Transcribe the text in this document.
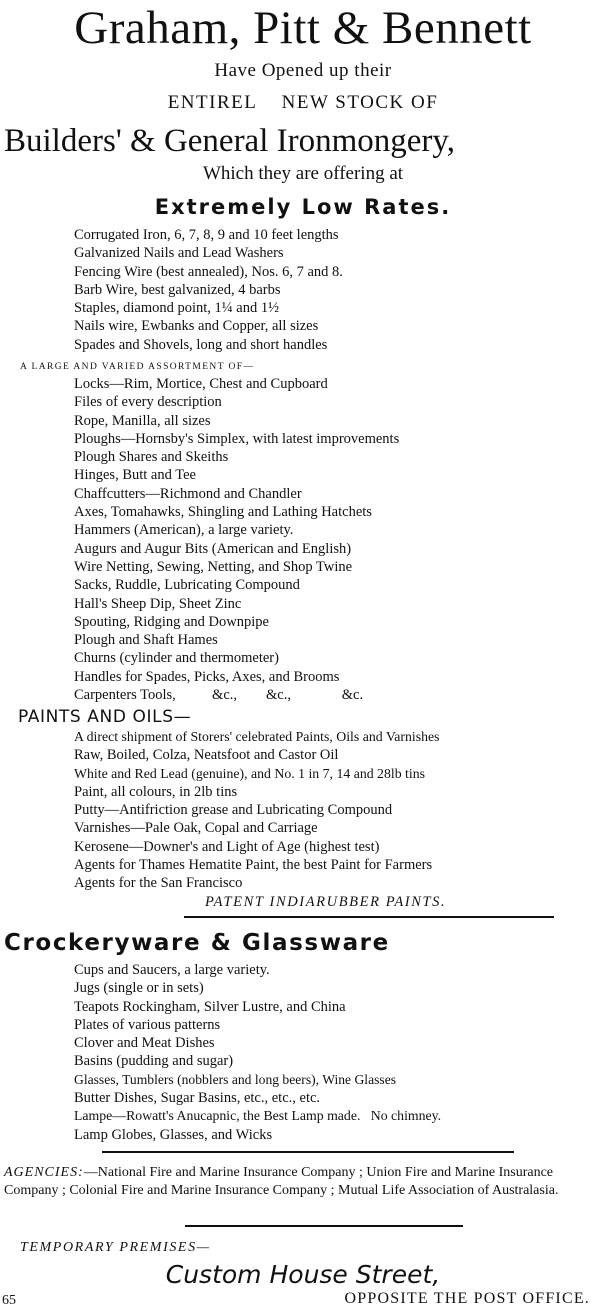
Graham, Pitt & Bennett
Have Opened up their
ENTIREL    NEW STOCK OF
Builders' & General Ironmongery,
Which they are offering at
Extremely Low Rates.
Corrugated Iron, 6, 7, 8, 9 and 10 feet lengths
Galvanized Nails and Lead Washers
Fencing Wire (best annealed), Nos. 6, 7 and 8.
Barb Wire, best galvanized, 4 barbs
Staples, diamond point, 1¼ and 1½
Nails wire, Ewbanks and Copper, all sizes
Spades and Shovels, long and short handles
A LARGE AND VARIED ASSORTMENT OF—
Locks—Rim, Mortice, Chest and Cupboard
Files of every description
Rope, Manilla, all sizes
Ploughs—Hornsby's Simplex, with latest improvements
Plough Shares and Skeiths
Hinges, Butt and Tee
Chaffcutters—Richmond and Chandler
Axes, Tomahawks, Shingling and Lathing Hatchets
Hammers (American), a large variety.
Augurs and Augur Bits (American and English)
Wire Netting, Sewing, Netting, and Shop Twine
Sacks, Ruddle, Lubricating Compound
Hall's Sheep Dip, Sheet Zinc
Spouting, Ridging and Downpipe
Plough and Shaft Hames
Churns (cylinder and thermometer)
Handles for Spades, Picks, Axes, and Brooms
Carpenters Tools,          &c.,        &c.,              &c.
PAINTS AND OILS—
A direct shipment of Storers' celebrated Paints, Oils and Varnishes
Raw, Boiled, Colza, Neatsfoot and Castor Oil
White and Red Lead (genuine), and No. 1 in 7, 14 and 28lb tins
Paint, all colours, in 2lb tins
Putty—Antifriction grease and Lubricating Compound
Varnishes—Pale Oak, Copal and Carriage
Kerosene—Downer's and Light of Age (highest test)
Agents for Thames Hematite Paint, the best Paint for Farmers
Agents for the San Francisco
PATENT INDIARUBBER PAINTS.
Crockeryware & Glassware
Cups and Saucers, a large variety.
Jugs (single or in sets)
Teapots Rockingham, Silver Lustre, and China
Plates of various patterns
Clover and Meat Dishes
Basins (pudding and sugar)
Glasses, Tumblers (nobblers and long beers), Wine Glasses
Butter Dishes, Sugar Basins, etc., etc., etc.
Lampe—Rowatt's Anucapnic, the Best Lamp made.   No chimney.
Lamp Globes, Glasses, and Wicks
AGENCIES:—National Fire and Marine Insurance Company ; Union Fire and Marine Insurance Company ; Colonial Fire and Marine Insurance Company ; Mutual Life Association of Australasia.
TEMPORARY PREMISES—
Custom House Street,
65	OPPOSITE THE POST OFFICE.
